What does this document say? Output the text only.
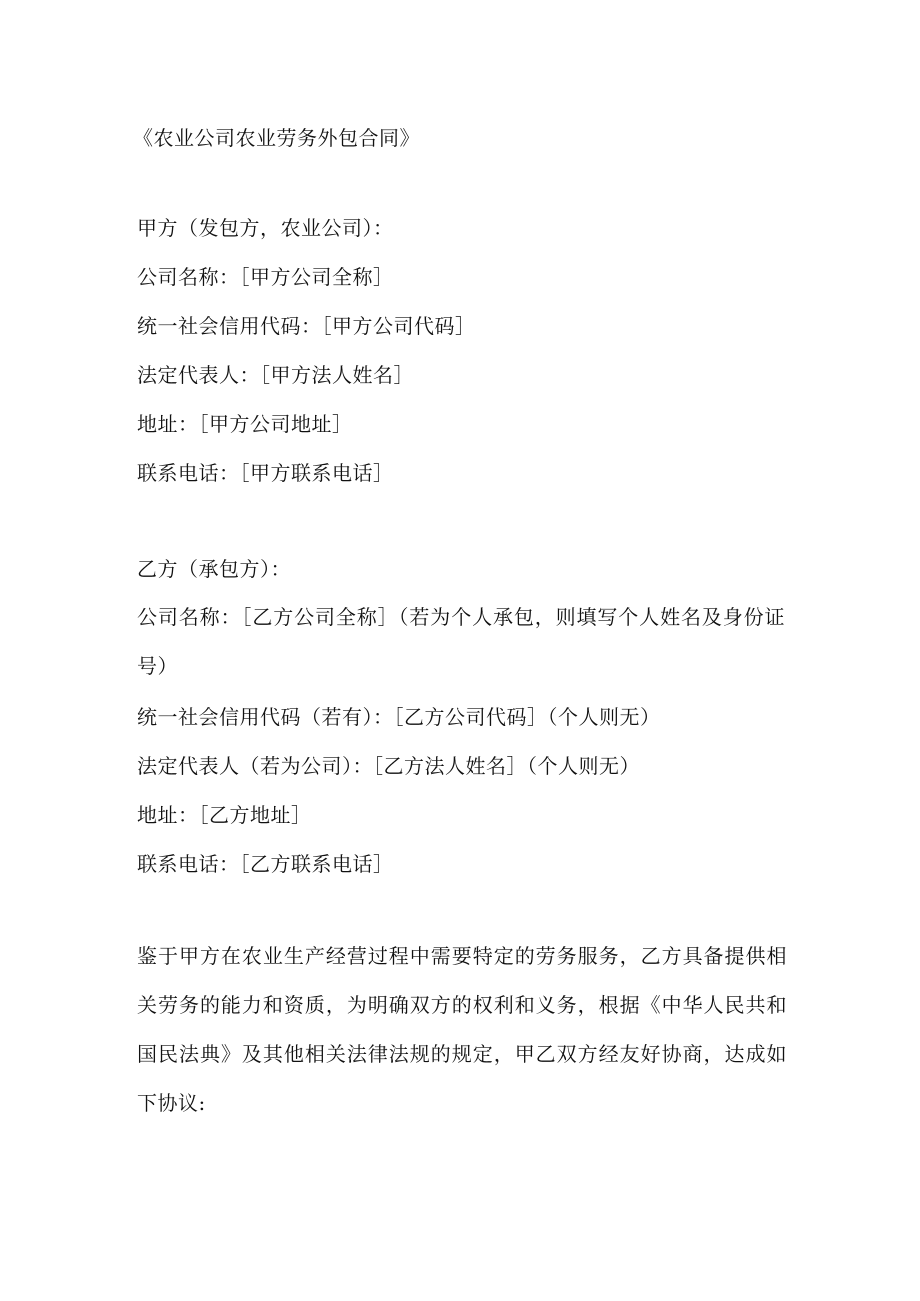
《农业公司农业劳务外包合同》
甲方（发包方，农业公司）：
公司名称：［甲方公司全称］
统一社会信用代码：［甲方公司代码］
法定代表人：［甲方法人姓名］
地址：［甲方公司地址］
联系电话：［甲方联系电话］
乙方（承包方）：
公司名称：［乙方公司全称］（若为个人承包，则填写个人姓名及身份证号）
统一社会信用代码（若有）：［乙方公司代码］（个人则无）
法定代表人（若为公司）：［乙方法人姓名］（个人则无）
地址：［乙方地址］
联系电话：［乙方联系电话］
鉴于甲方在农业生产经营过程中需要特定的劳务服务，乙方具备提供相关劳务的能力和资质，为明确双方的权利和义务，根据《中华人民共和国民法典》及其他相关法律法规的规定，甲乙双方经友好协商，达成如下协议:
